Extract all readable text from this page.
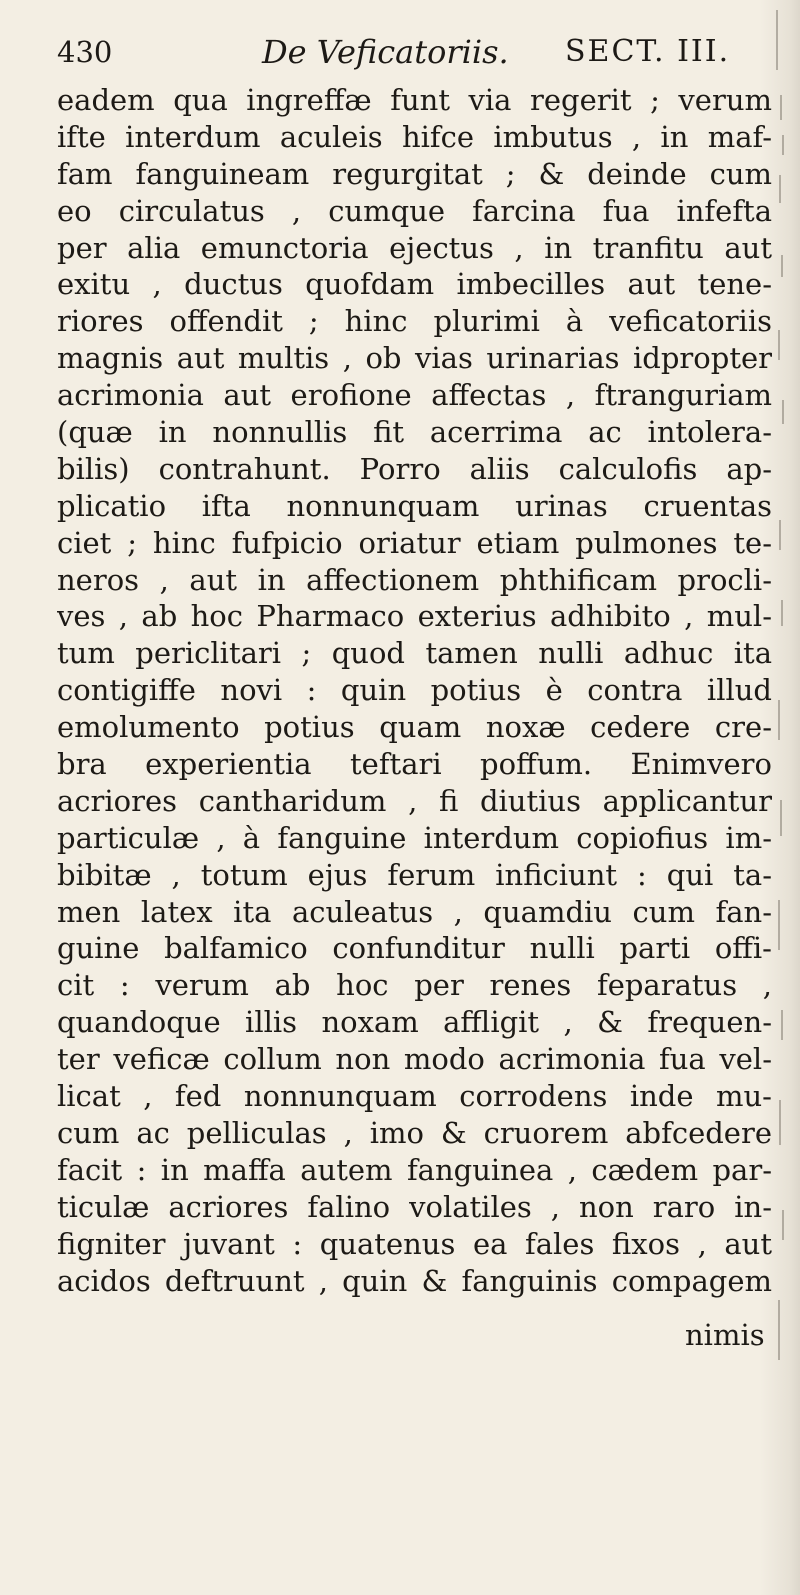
430	De Veficatoriis. SECT. III.
eadem qua ingreffæ funt via regerit ; verum
ifte interdum aculeis hifce imbutus , in maf-
fam fanguineam regurgitat ; & deinde cum
eo circulatus , cumque farcina fua infefta
per alia emunctoria ejectus , in tranfitu aut
exitu , ductus quofdam imbecilles aut tene-
riores offendit ; hinc plurimi à veficatoriis
magnis aut multis , ob vias urinarias idpropter
acrimonia aut erofione affectas , ftranguriam
(quæ in nonnullis fit acerrima ac intolera-
bilis) contrahunt. Porro aliis calculofis ap-
plicatio ifta nonnunquam urinas cruentas
ciet ; hinc fufpicio oriatur etiam pulmones te-
neros , aut in affectionem phthificam procli-
ves , ab hoc Pharmaco exterius adhibito , mul-
tum periclitari ; quod tamen nulli adhuc ita
contigiffe novi : quin potius è contra illud
emolumento potius quam noxæ cedere cre-
bra experientia teftari poffum. Enimvero
acriores cantharidum , fi diutius applicantur
particulæ , à fanguine interdum copiofius im-
bibitæ , totum ejus ferum inficiunt : qui ta-
men latex ita aculeatus , quamdiu cum fan-
guine balfamico confunditur nulli parti offi-
cit : verum ab hoc per renes feparatus ,
quandoque illis noxam affligit , & frequen-
ter veficæ collum non modo acrimonia fua vel-
licat , fed nonnunquam corrodens inde mu-
cum ac pelliculas , imo & cruorem abfcedere
facit : in maffa autem fanguinea , cædem par-
ticulæ acriores falino volatiles , non raro in-
figniter juvant : quatenus ea fales fixos , aut
acidos deftruunt , quin & fanguinis compagem
nimis
